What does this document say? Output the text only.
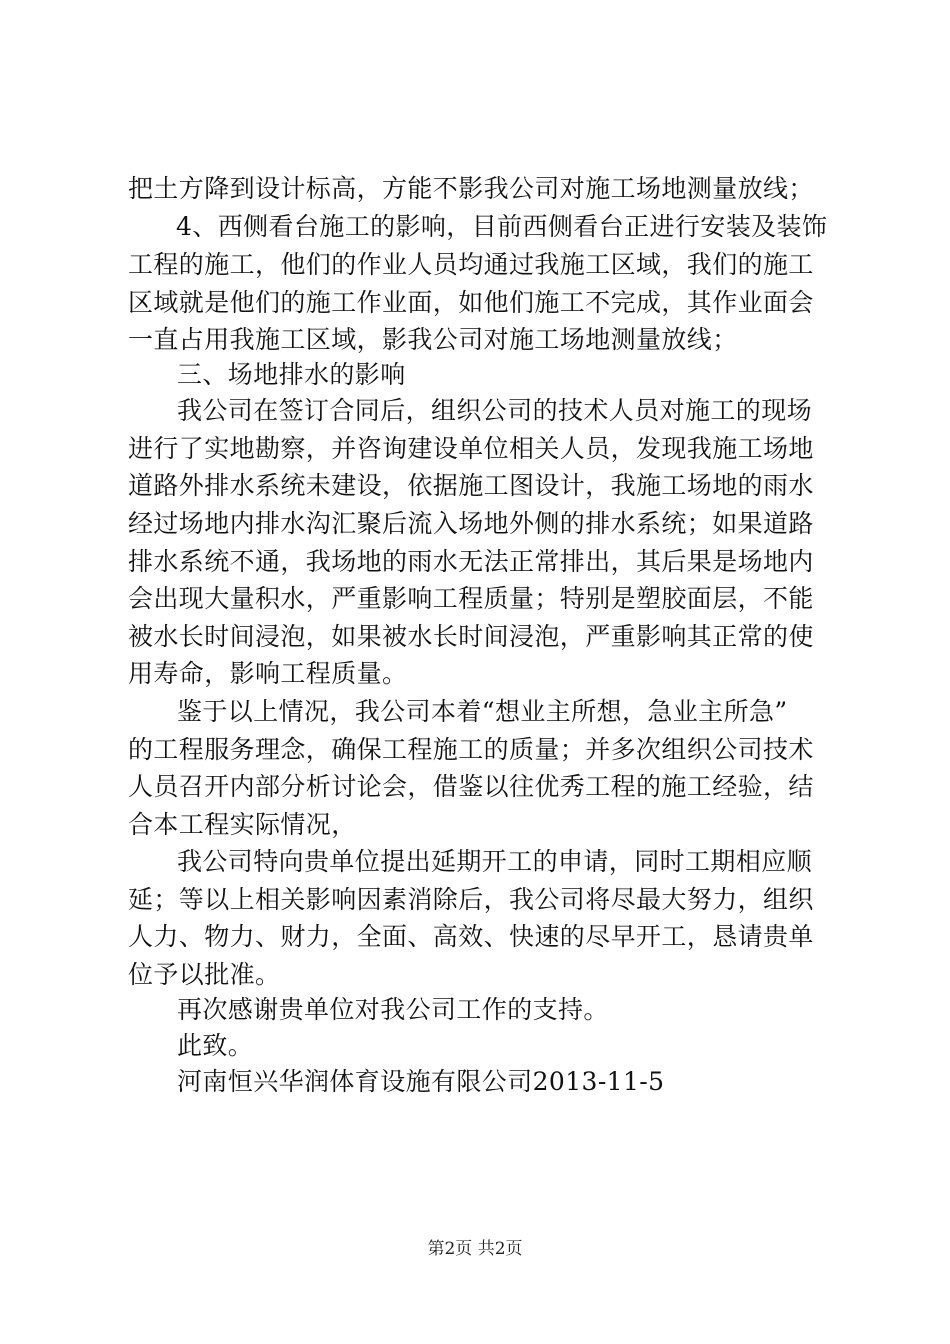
把土方降到设计标高，方能不影我公司对施工场地测量放线；
4、西侧看台施工的影响，目前西侧看台正进行安装及装饰
工程的施工，他们的作业人员均通过我施工区域，我们的施工
区域就是他们的施工作业面，如他们施工不完成，其作业面会
一直占用我施工区域，影我公司对施工场地测量放线；
三、场地排水的影响
我公司在签订合同后，组织公司的技术人员对施工的现场
进行了实地勘察，并咨询建设单位相关人员，发现我施工场地
道路外排水系统未建设，依据施工图设计，我施工场地的雨水
经过场地内排水沟汇聚后流入场地外侧的排水系统；如果道路
排水系统不通，我场地的雨水无法正常排出，其后果是场地内
会出现大量积水，严重影响工程质量；特别是塑胶面层，不能
被水长时间浸泡，如果被水长时间浸泡，严重影响其正常的使
用寿命，影响工程质量。
鉴于以上情况，我公司本着“想业主所想，急业主所急”
的工程服务理念，确保工程施工的质量；并多次组织公司技术
人员召开内部分析讨论会，借鉴以往优秀工程的施工经验，结
合本工程实际情况，
我公司特向贵单位提出延期开工的申请，同时工期相应顺
延；等以上相关影响因素消除后，我公司将尽最大努力，组织
人力、物力、财力，全面、高效、快速的尽早开工，恳请贵单
位予以批准。
再次感谢贵单位对我公司工作的支持。
此致。
河南恒兴华润体育设施有限公司2013-11-5
第2页 共2页
